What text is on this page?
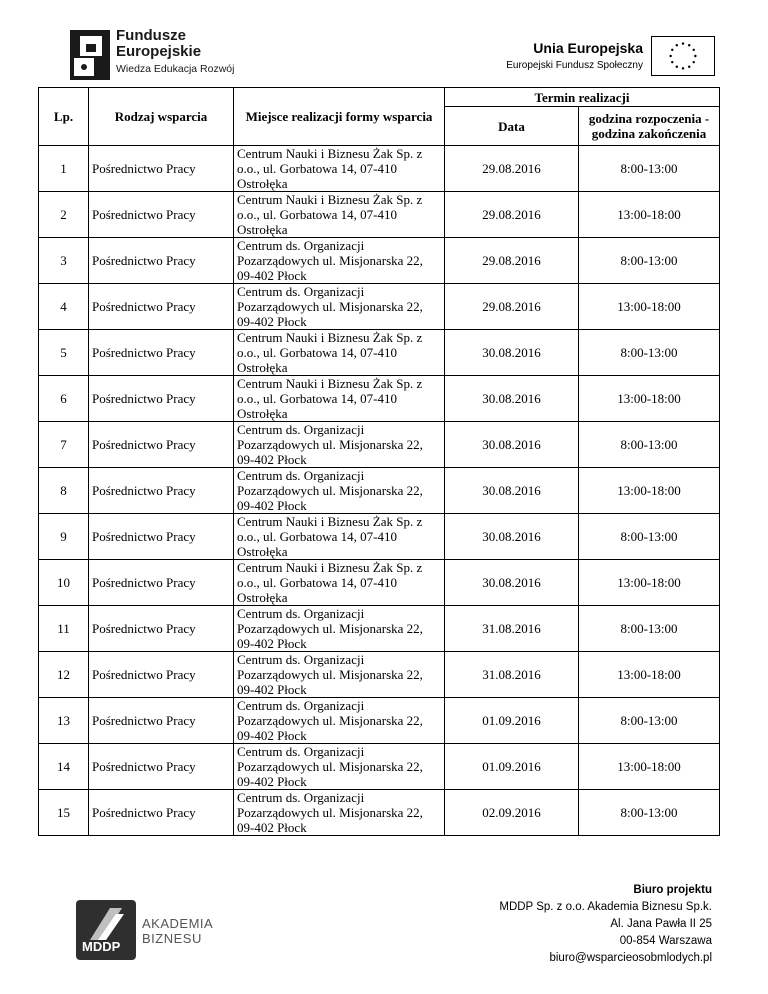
Fundusze
Europejskie
Wiedza Edukacja Rozwój
Unia Europejska
Europejski Fundusz Społeczny
Lp.	Rodzaj wsparcia	Miejsce realizacji formy wsparcia	Termin realizacji	
			Data	godzina rozpoczenia - godzina zakończenia
1	Pośrednictwo Pracy	Centrum Nauki i Biznesu Żak Sp. z o.o., ul. Gorbatowa 14, 07-410 Ostrołęka	29.08.2016	8:00-13:00
2	Pośrednictwo Pracy	Centrum Nauki i Biznesu Żak Sp. z o.o., ul. Gorbatowa 14, 07-410 Ostrołęka	29.08.2016	13:00-18:00
3	Pośrednictwo Pracy	Centrum ds. Organizacji Pozarządowych ul. Misjonarska 22, 09-402 Płock	29.08.2016	8:00-13:00
4	Pośrednictwo Pracy	Centrum ds. Organizacji Pozarządowych ul. Misjonarska 22, 09-402 Płock	29.08.2016	13:00-18:00
5	Pośrednictwo Pracy	Centrum Nauki i Biznesu Żak Sp. z o.o., ul. Gorbatowa 14, 07-410 Ostrołęka	30.08.2016	8:00-13:00
6	Pośrednictwo Pracy	Centrum Nauki i Biznesu Żak Sp. z o.o., ul. Gorbatowa 14, 07-410 Ostrołęka	30.08.2016	13:00-18:00
7	Pośrednictwo Pracy	Centrum ds. Organizacji Pozarządowych ul. Misjonarska 22, 09-402 Płock	30.08.2016	8:00-13:00
8	Pośrednictwo Pracy	Centrum ds. Organizacji Pozarządowych ul. Misjonarska 22, 09-402 Płock	30.08.2016	13:00-18:00
9	Pośrednictwo Pracy	Centrum Nauki i Biznesu Żak Sp. z o.o., ul. Gorbatowa 14, 07-410 Ostrołęka	30.08.2016	8:00-13:00
10	Pośrednictwo Pracy	Centrum Nauki i Biznesu Żak Sp. z o.o., ul. Gorbatowa 14, 07-410 Ostrołęka	30.08.2016	13:00-18:00
11	Pośrednictwo Pracy	Centrum ds. Organizacji Pozarządowych ul. Misjonarska 22, 09-402 Płock	31.08.2016	8:00-13:00
12	Pośrednictwo Pracy	Centrum ds. Organizacji Pozarządowych ul. Misjonarska 22, 09-402 Płock	31.08.2016	13:00-18:00
13	Pośrednictwo Pracy	Centrum ds. Organizacji Pozarządowych ul. Misjonarska 22, 09-402 Płock	01.09.2016	8:00-13:00
14	Pośrednictwo Pracy	Centrum ds. Organizacji Pozarządowych ul. Misjonarska 22, 09-402 Płock	01.09.2016	13:00-18:00
15	Pośrednictwo Pracy	Centrum ds. Organizacji Pozarządowych ul. Misjonarska 22, 09-402 Płock	02.09.2016	8:00-13:00
MDDP
AKADEMIA
BIZNESU
Biuro projektu
MDDP Sp. z o.o. Akademia Biznesu Sp.k.
Al. Jana Pawła II 25
00-854 Warszawa
biuro@wsparcieosobmlodych.pl
